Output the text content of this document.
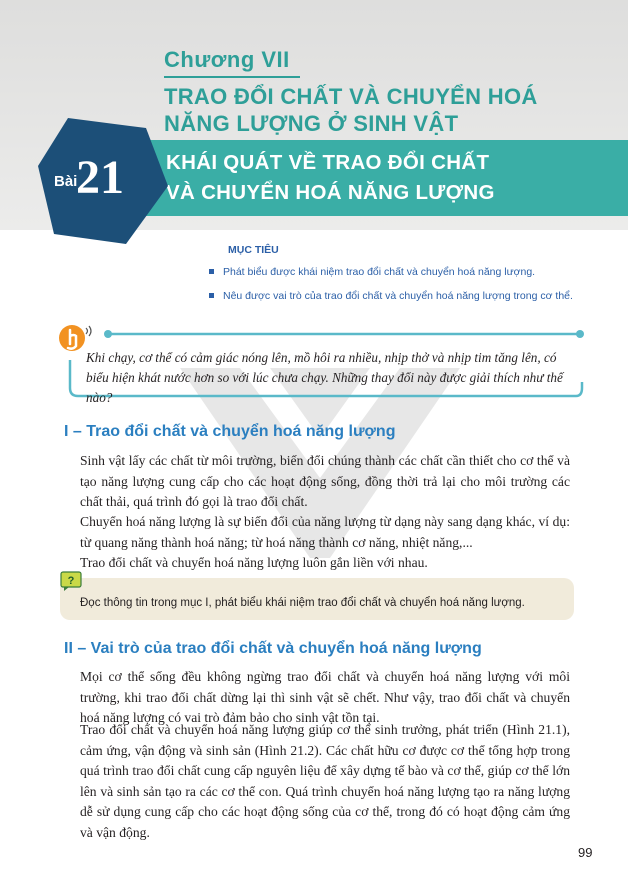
Chương VII
TRAO ĐỔI CHẤT VÀ CHUYỂN HOÁ
NĂNG LƯỢNG Ở SINH VẬT
KHÁI QUÁT VỀ TRAO ĐỔI CHẤT
VÀ CHUYỂN HOÁ NĂNG LƯỢNG
Bài
21
MỤC TIÊU
Phát biểu được khái niệm trao đổi chất và chuyển hoá năng lượng.
Nêu được vai trò của trao đổi chất và chuyển hoá năng lượng trong cơ thể.
Khi chạy, cơ thể có cảm giác nóng lên, mồ hôi ra nhiều, nhịp thở và nhịp tim tăng lên, có biểu hiện khát nước hơn so với lúc chưa chạy. Những thay đổi này được giải thích như thế nào?
I – Trao đổi chất và chuyển hoá năng lượng
Sinh vật lấy các chất từ môi trường, biến đổi chúng thành các chất cần thiết cho cơ thể và tạo năng lượng cung cấp cho các hoạt động sống, đồng thời trả lại cho môi trường các chất thải, quá trình đó gọi là trao đổi chất.
Chuyển hoá năng lượng là sự biến đổi của năng lượng từ dạng này sang dạng khác, ví dụ: từ quang năng thành hoá năng; từ hoá năng thành cơ năng, nhiệt năng,...
Trao đổi chất và chuyển hoá năng lượng luôn gắn liền với nhau.
?
Đọc thông tin trong mục I, phát biểu khái niệm trao đổi chất và chuyển hoá năng lượng.
II – Vai trò của trao đổi chất và chuyển hoá năng lượng
Mọi cơ thể sống đều không ngừng trao đổi chất và chuyển hoá năng lượng với môi trường, khi trao đổi chất dừng lại thì sinh vật sẽ chết. Như vậy, trao đổi chất và chuyển hoá năng lượng có vai trò đảm bảo cho sinh vật tồn tại.
Trao đổi chất và chuyển hoá năng lượng giúp cơ thể sinh trưởng, phát triển (Hình 21.1), cảm ứng, vận động và sinh sản (Hình 21.2). Các chất hữu cơ được cơ thể tổng hợp trong quá trình trao đổi chất cung cấp nguyên liệu để xây dựng tế bào và cơ thể, giúp cơ thể lớn lên và sinh sản tạo ra các cơ thể con. Quá trình chuyển hoá năng lượng tạo ra năng lượng dễ sử dụng cung cấp cho các hoạt động sống của cơ thể, trong đó có hoạt động cảm ứng và vận động.
99
